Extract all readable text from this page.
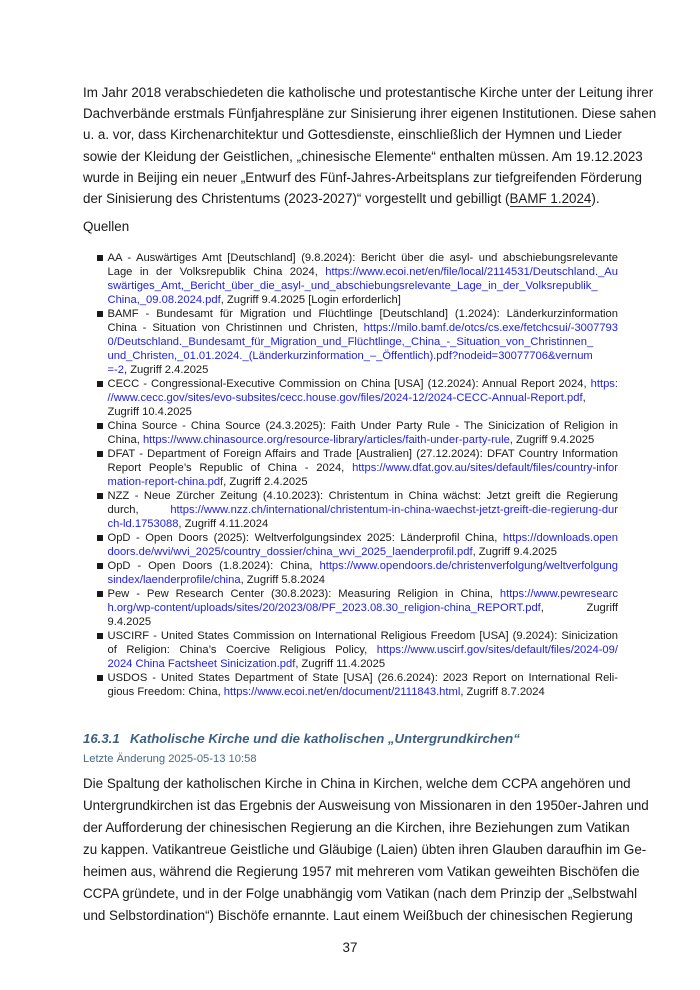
Im Jahr 2018 verabschiedeten die katholische und protestantische Kirche unter der Leitung ihrer
Dachverbände erstmals Fünfjahrespläne zur Sinisierung ihrer eigenen Institutionen. Diese sahen
u. a. vor, dass Kirchenarchitektur und Gottesdienste, einschließlich der Hymnen und Lieder
sowie der Kleidung der Geistlichen, „chinesische Elemente“ enthalten müssen. Am 19.12.2023
wurde in Beijing ein neuer „Entwurf des Fünf-Jahres-Arbeitsplans zur tiefgreifenden Förderung
der Sinisierung des Christentums (2023-2027)“ vorgestellt und gebilligt (BAMF 1.2024).
Quellen
AA - Auswärtiges Amt [Deutschland] (9.8.2024): Bericht über die asyl- und abschiebungsrelevante
Lage in der Volksrepublik China 2024, https://www.ecoi.net/en/file/local/2114531/Deutschland._Au
swärtiges_Amt,_Bericht_über_die_asyl-_und_abschiebungsrelevante_Lage_in_der_Volksrepublik_
China,_09.08.2024.pdf, Zugriff 9.4.2025 [Login erforderlich]
BAMF - Bundesamt für Migration und Flüchtlinge [Deutschland] (1.2024): Länderkurzinformation
China - Situation von Christinnen und Christen, https://milo.bamf.de/otcs/cs.exe/fetchcsui/-3007793
0/Deutschland._Bundesamt_für_Migration_und_Flüchtlinge,_China_-_Situation_von_Christinnen_
und_Christen,_01.01.2024._(Länderkurzinformation_–_Öffentlich).pdf?nodeid=30077706&vernum
=-2, Zugriff 2.4.2025
CECC - Congressional-Executive Commission on China [USA] (12.2024): Annual Report 2024, https:
//www.cecc.gov/sites/evo-subsites/cecc.house.gov/files/2024-12/2024-CECC-Annual-Report.pdf,
Zugriff 10.4.2025
China Source - China Source (24.3.2025): Faith Under Party Rule - The Sinicization of Religion in
China, https://www.chinasource.org/resource-library/articles/faith-under-party-rule, Zugriff 9.4.2025
DFAT - Department of Foreign Affairs and Trade [Australien] (27.12.2024): DFAT Country Information
Report People’s Republic of China - 2024, https://www.dfat.gov.au/sites/default/files/country-infor
mation-report-china.pdf, Zugriff 2.4.2025
NZZ - Neue Zürcher Zeitung (4.10.2023): Christentum in China wächst: Jetzt greift die Regierung
durch, https://www.nzz.ch/international/christentum-in-china-waechst-jetzt-greift-die-regierung-dur
ch-ld.1753088, Zugriff 4.11.2024
OpD - Open Doors (2025): Weltverfolgungsindex 2025: Länderprofil China, https://downloads.open
doors.de/wvi/wvi_2025/country_dossier/china_wvi_2025_laenderprofil.pdf, Zugriff 9.4.2025
OpD - Open Doors (1.8.2024): China, https://www.opendoors.de/christenverfolgung/weltverfolgung
sindex/laenderprofile/china, Zugriff 5.8.2024
Pew - Pew Research Center (30.8.2023): Measuring Religion in China, https://www.pewresearc
h.org/wp-content/uploads/sites/20/2023/08/PF_2023.08.30_religion-china_REPORT.pdf, Zugriff
9.4.2025
USCIRF - United States Commission on International Religious Freedom [USA] (9.2024): Sinicization
of Religion: China’s Coercive Religious Policy, https://www.uscirf.gov/sites/default/files/2024-09/
2024 China Factsheet Sinicization.pdf, Zugriff 11.4.2025
USDOS - United States Department of State [USA] (26.6.2024): 2023 Report on International Reli-
gious Freedom: China, https://www.ecoi.net/en/document/2111843.html, Zugriff 8.7.2024
16.3.1 Katholische Kirche und die katholischen „Untergrundkirchen“
Letzte Änderung 2025-05-13 10:58
Die Spaltung der katholischen Kirche in China in Kirchen, welche dem CCPA angehören und
Untergrundkirchen ist das Ergebnis der Ausweisung von Missionaren in den 1950er-Jahren und
der Aufforderung der chinesischen Regierung an die Kirchen, ihre Beziehungen zum Vatikan
zu kappen. Vatikantreue Geistliche und Gläubige (Laien) übten ihren Glauben daraufhin im Ge-
heimen aus, während die Regierung 1957 mit mehreren vom Vatikan geweihten Bischöfen die
CCPA gründete, und in der Folge unabhängig vom Vatikan (nach dem Prinzip der „Selbstwahl
und Selbstordination“) Bischöfe ernannte. Laut einem Weißbuch der chinesischen Regierung
37
